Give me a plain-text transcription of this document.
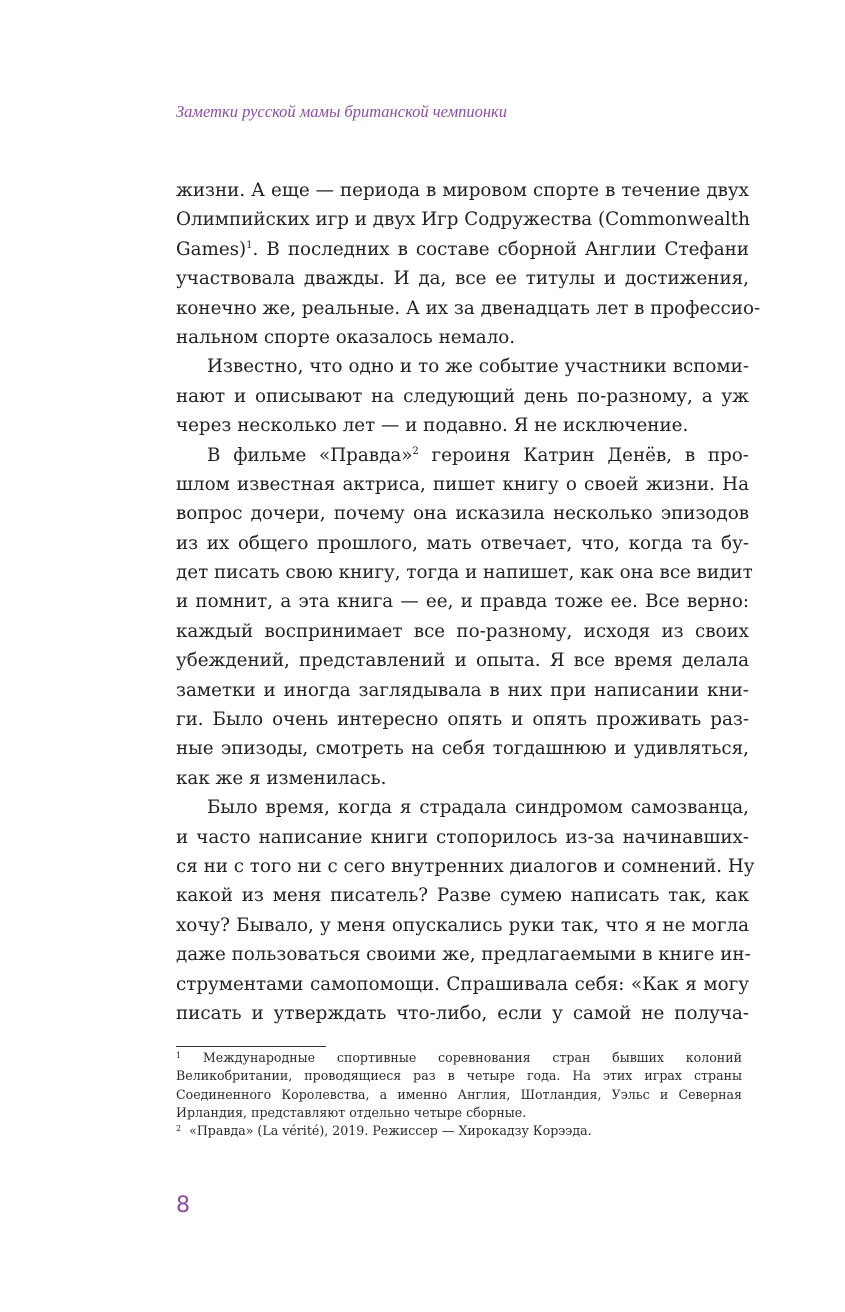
Заметки русской мамы британской чемпионки
жизни. А еще — периода в мировом спорте в течение двух
Олимпийских игр и двух Игр Содружества (Commonwealth
Games)$^1$. В последних в составе сборной Англии Стефани
участвовала дважды. И да, все ее титулы и достижения,
конечно же, реальные. А их за двенадцать лет в профессио-
нальном спорте оказалось немало.
Известно, что одно и то же событие участники вспоми-
нают и описывают на следующий день по-разному, а уж
через несколько лет — и подавно. Я не исключение.
В фильме «Правда»$^2$ героиня Катрин Денёв, в про-
шлом известная актриса, пишет книгу о своей жизни. На
вопрос дочери, почему она исказила несколько эпизодов
из их общего прошлого, мать отвечает, что, когда та бу-
дет писать свою книгу, тогда и напишет, как она все видит
и помнит, а эта книга — ее, и правда тоже ее. Все верно:
каждый воспринимает все по-разному, исходя из своих
убеждений, представлений и опыта. Я все время делала
заметки и иногда заглядывала в них при написании кни-
ги. Было очень интересно опять и опять проживать раз-
ные эпизоды, смотреть на себя тогдашнюю и удивляться,
как же я изменилась.
Было время, когда я страдала синдромом самозванца,
и часто написание книги стопорилось из-за начинавших-
ся ни с того ни с сего внутренних диалогов и сомнений. Ну
какой из меня писатель? Разве сумею написать так, как
хочу? Бывало, у меня опускались руки так, что я не могла
даже пользоваться своими же, предлагаемыми в книге ин-
струментами самопомощи. Спрашивала себя: «Как я могу
писать и утверждать что-либо, если у самой не получа-
$^1$ Международные спортивные соревнования стран бывших колоний
Великобритании, проводящиеся раз в четыре года. На этих играх страны
Соединенного Королевства, а именно Англия, Шотландия, Уэльс и Северная
Ирландия, представляют отдельно четыре сборные.
$^2$ «Правда» (La vérité), 2019. Режиссер — Хирокадзу Корээда.
8
